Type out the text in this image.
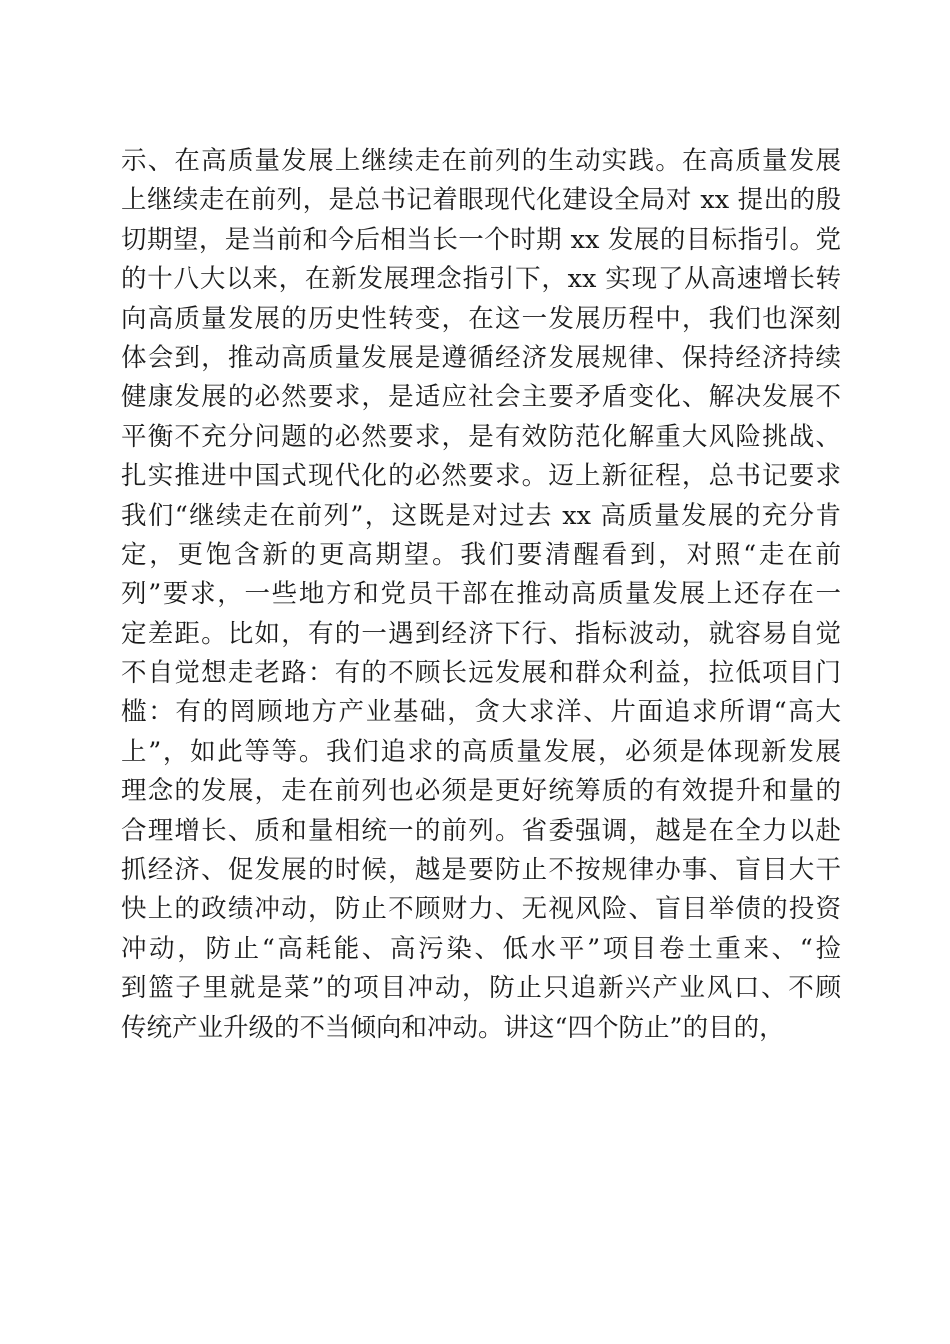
示、在高质量发展上继续走在前列的生动实践。在高质量发展
上继续走在前列，是总书记着眼现代化建设全局对 xx 提出的殷
切期望，是当前和今后相当长一个时期 xx 发展的目标指引。党
的十八大以来，在新发展理念指引下，xx 实现了从高速增长转
向高质量发展的历史性转变，在这一发展历程中，我们也深刻
体会到，推动高质量发展是遵循经济发展规律、保持经济持续
健康发展的必然要求，是适应社会主要矛盾变化、解决发展不
平衡不充分问题的必然要求，是有效防范化解重大风险挑战、
扎实推进中国式现代化的必然要求。迈上新征程，总书记要求
我们“继续走在前列”，这既是对过去 xx 高质量发展的充分肯
定，更饱含新的更高期望。我们要清醒看到，对照“走在前
列”要求，一些地方和党员干部在推动高质量发展上还存在一
定差距。比如，有的一遇到经济下行、指标波动，就容易自觉
不自觉想走老路：有的不顾长远发展和群众利益，拉低项目门
槛：有的罔顾地方产业基础，贪大求洋、片面追求所谓“高大
上”，如此等等。我们追求的高质量发展，必须是体现新发展
理念的发展，走在前列也必须是更好统筹质的有效提升和量的
合理增长、质和量相统一的前列。省委强调，越是在全力以赴
抓经济、促发展的时候，越是要防止不按规律办事、盲目大干
快上的政绩冲动，防止不顾财力、无视风险、盲目举债的投资
冲动，防止“高耗能、高污染、低水平”项目卷土重来、“捡
到篮子里就是菜”的项目冲动，防止只追新兴产业风口、不顾
传统产业升级的不当倾向和冲动。讲这“四个防止”的目的，
